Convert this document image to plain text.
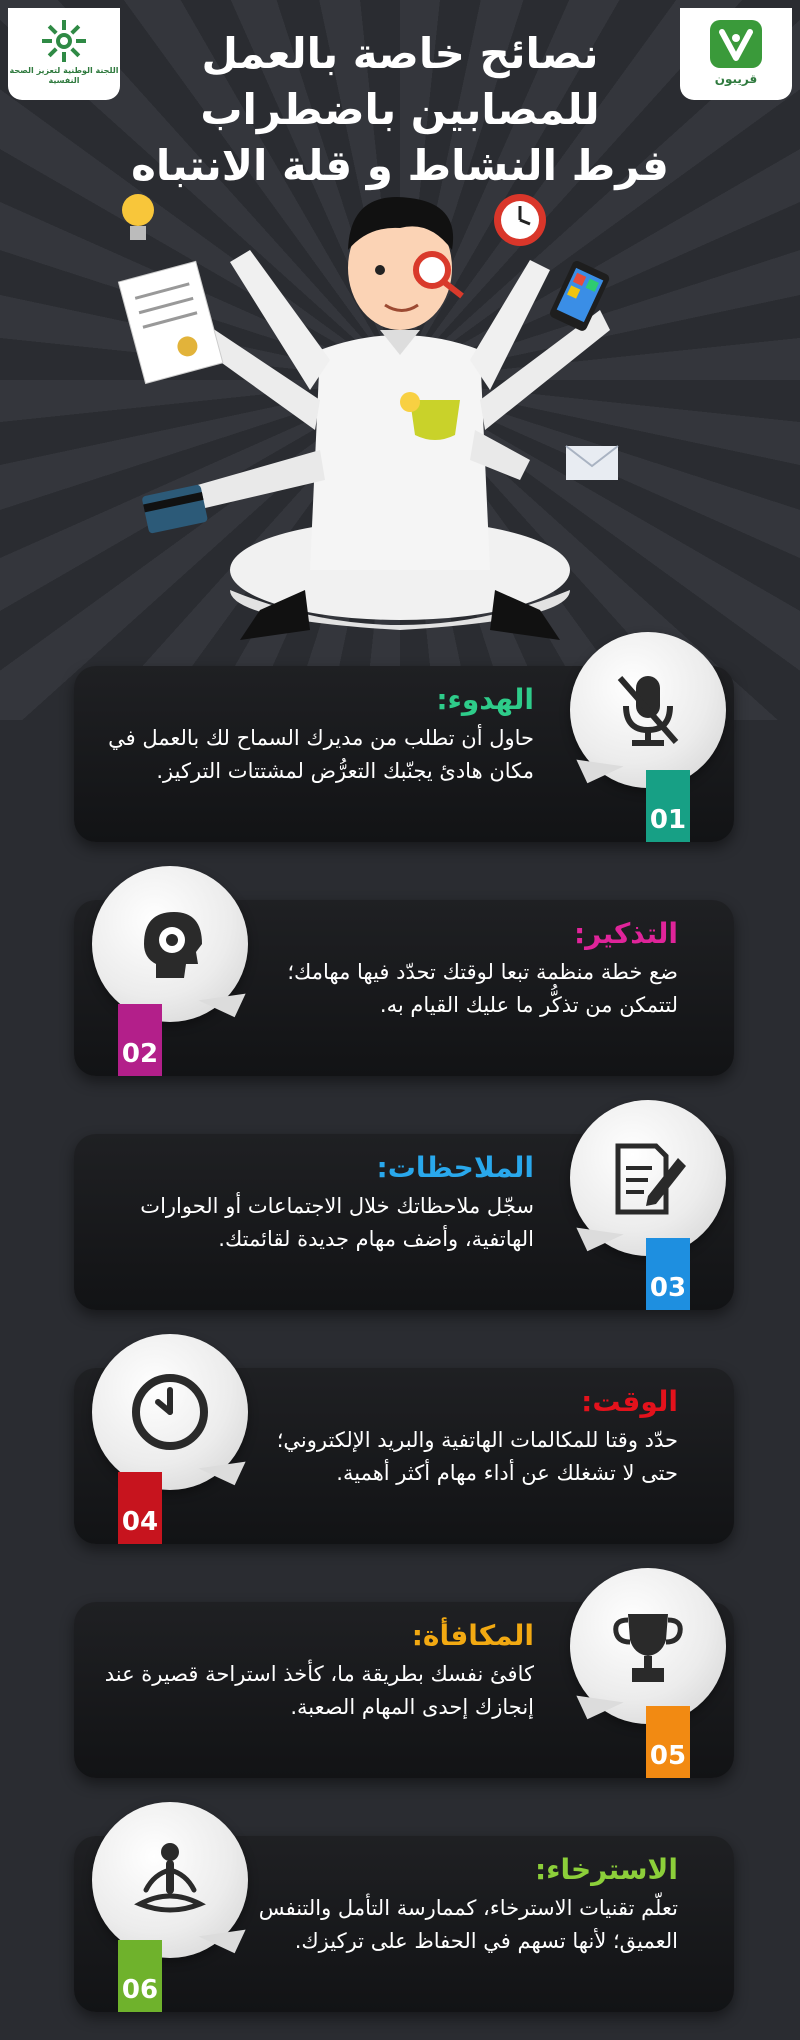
اللجنة الوطنية لتعزيز الصحة النفسية	قريبون
نصائح خاصة بالعمل
للمصابين باضطراب
فرط النشاط و قلة الانتباه
01
الهدوء:
حاول أن تطلب من مديرك السماح لك بالعمل في مكان هادئ يجنّبك التعرُّض لمشتتات التركيز.
02
التذكير:
ضع خطة منظمة تبعا لوقتك تحدّد فيها مهامك؛ لتتمكن من تذكُّر ما عليك القيام به.
03
الملاحظات:
سجّل ملاحظاتك خلال الاجتماعات أو الحوارات الهاتفية، وأضف مهام جديدة لقائمتك.
04
الوقت:
حدّد وقتا للمكالمات الهاتفية والبريد الإلكتروني؛ حتى لا تشغلك عن أداء مهام أكثر أهمية.
05
المكافأة:
كافئ نفسك بطريقة ما، كأخذ استراحة قصيرة عند إنجازك إحدى المهام الصعبة.
06
الاسترخاء:
تعلّم تقنيات الاسترخاء، كممارسة التأمل والتنفس العميق؛ لأنها تسهم في الحفاظ على تركيزك.
